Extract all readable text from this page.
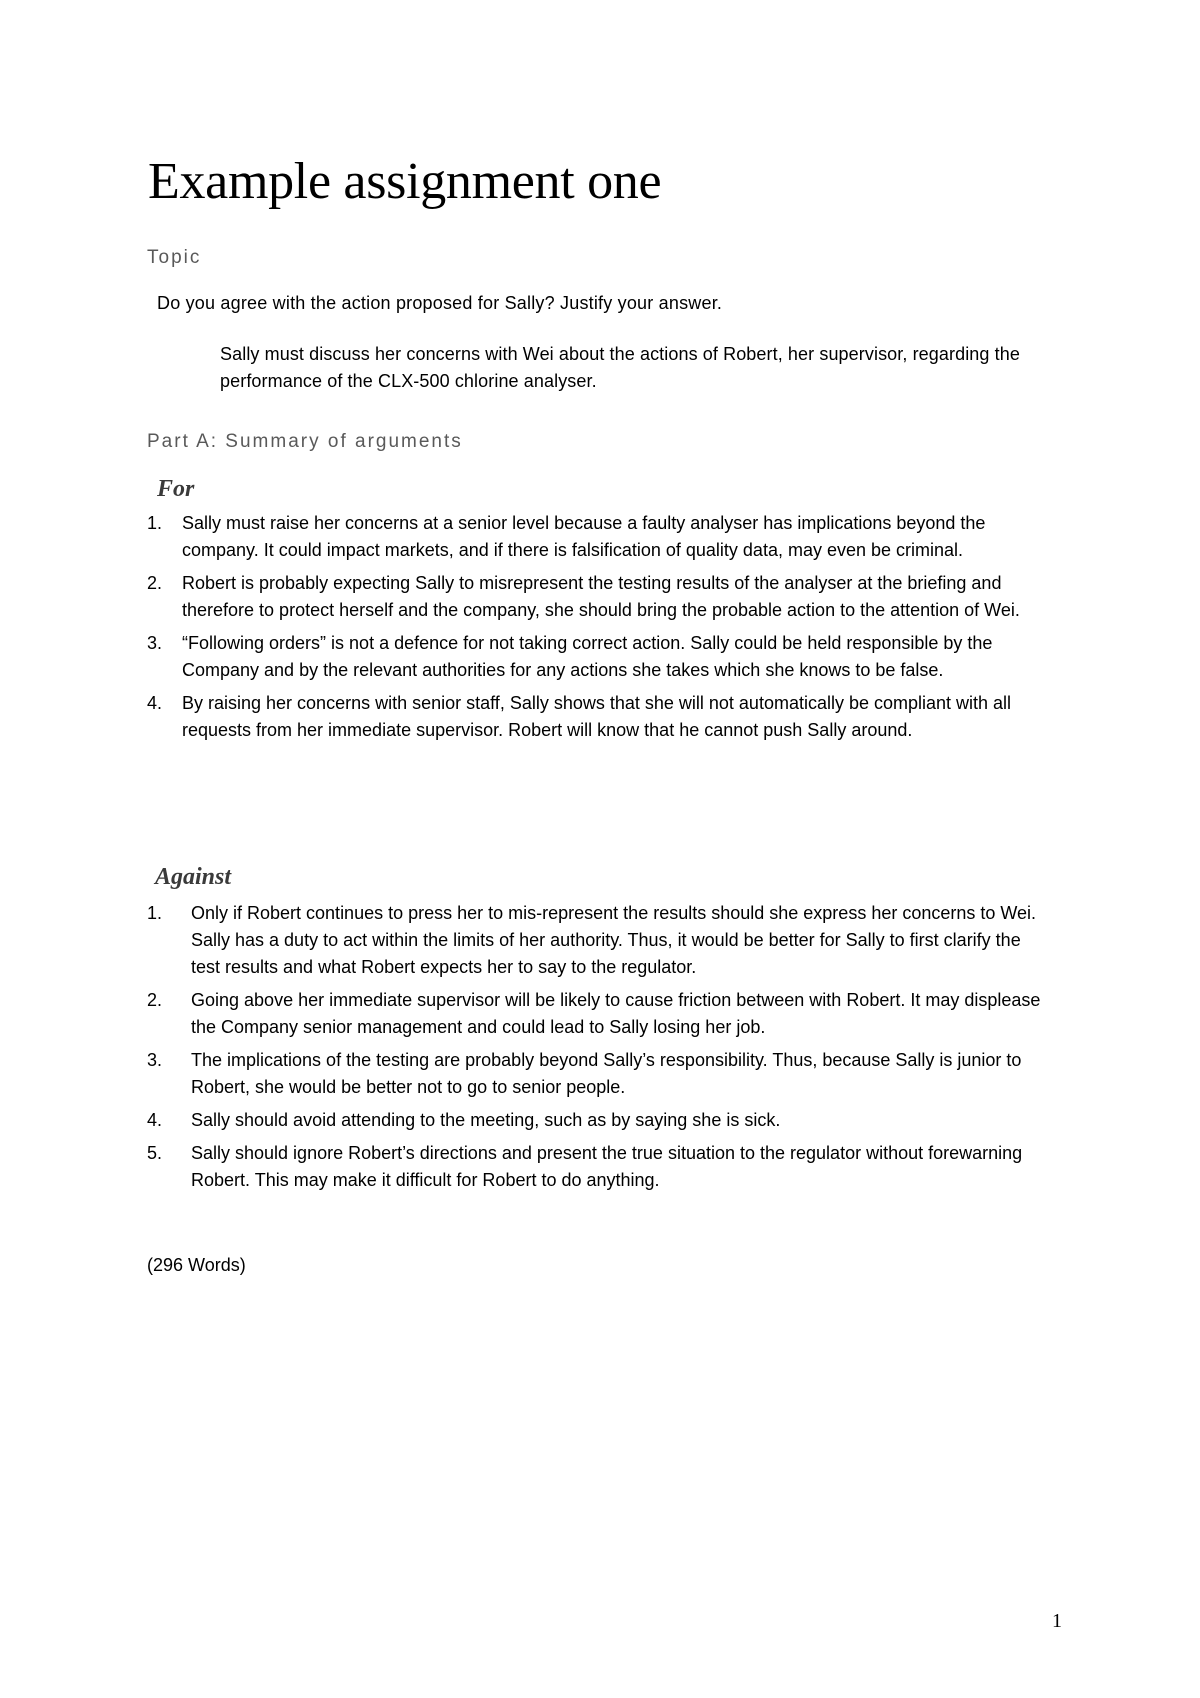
Example assignment one

Topic

Do you agree with the action proposed for Sally? Justify your answer.

Sally must discuss her concerns with Wei about the actions of Robert, her supervisor, regarding the performance of the CLX-500 chlorine analyser.

Part A: Summary of arguments

For
1. Sally must raise her concerns at a senior level because a faulty analyser has implications beyond the company. It could impact markets, and if there is falsification of quality data, may even be criminal.
2. Robert is probably expecting Sally to misrepresent the testing results of the analyser at the briefing and therefore to protect herself and the company, she should bring the probable action to the attention of Wei.
3. “Following orders” is not a defence for not taking correct action. Sally could be held responsible by the Company and by the relevant authorities for any actions she takes which she knows to be false.
4. By raising her concerns with senior staff, Sally shows that she will not automatically be compliant with all requests from her immediate supervisor. Robert will know that he cannot push Sally around.
Against
1. Only if Robert continues to press her to mis-represent the results should she express her concerns to Wei. Sally has a duty to act within the limits of her authority. Thus, it would be better for Sally to first clarify the test results and what Robert expects her to say to the regulator.
2. Going above her immediate supervisor will be likely to cause friction between with Robert. It may displease the Company senior management and could lead to Sally losing her job.
3. The implications of the testing are probably beyond Sally’s responsibility. Thus, because Sally is junior to Robert, she would be better not to go to senior people.
4. Sally should avoid attending to the meeting, such as by saying she is sick.
5. Sally should ignore Robert’s directions and present the true situation to the regulator without forewarning Robert. This may make it difficult for Robert to do anything.

(296 Words)

1
